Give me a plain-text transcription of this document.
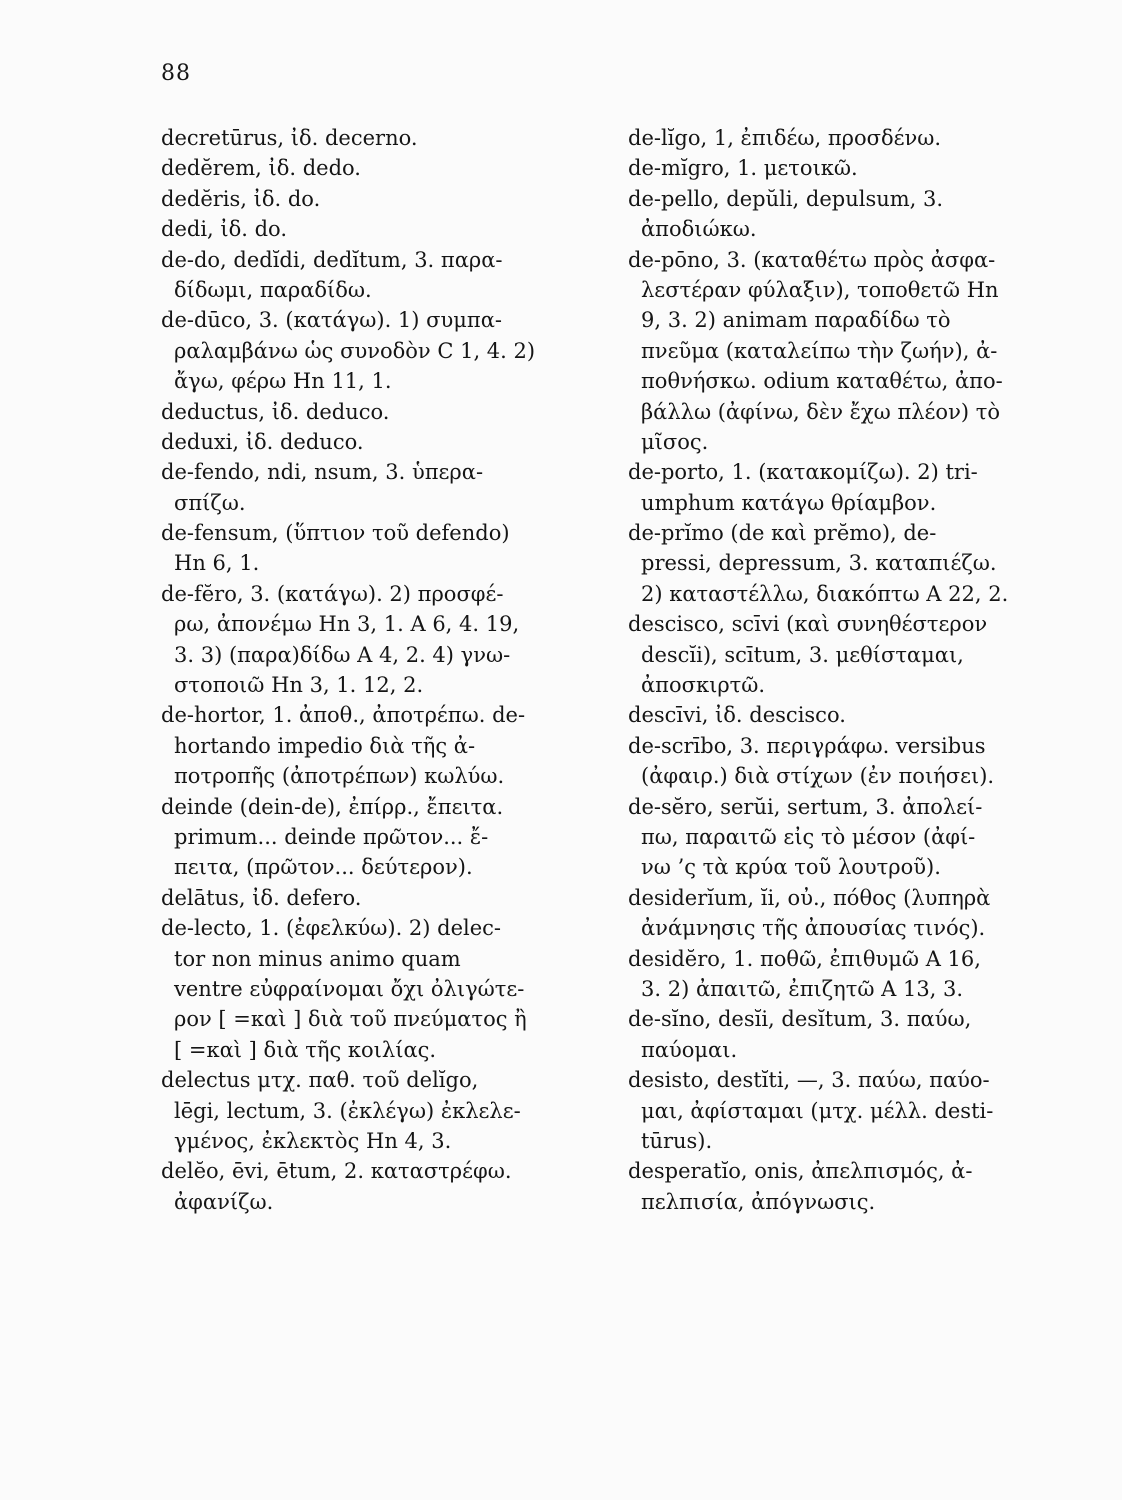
88
decretūrus, ἰδ. decerno.
dedĕrem, ἰδ. dedo.
dedĕris, ἰδ. do.
dedi, ἰδ. do.
de-do, dedĭdi, dedĭtum, 3. παρα-
δίδωμι, παραδίδω.
de-dūco, 3. (κατάγω). 1) συμπα-
ραλαμβάνω ὡς συνοδὸν C 1, 4. 2)
ἄγω, φέρω Hn 11, 1.
deductus, ἰδ. deduco.
deduxi, ἰδ. deduco.
de-fendo, ndi, nsum, 3. ὑπερα-
σπίζω.
de-fensum, (ὕπτιον τοῦ defendo)
Hn 6, 1.
de-fĕro, 3. (κατάγω). 2) προσφέ-
ρω, ἀπονέμω Hn 3, 1. A 6, 4. 19,
3. 3) (παρα)δίδω A 4, 2. 4) γνω-
στοποιῶ Hn 3, 1. 12, 2.
de-hortor, 1. ἀποθ., ἀποτρέπω. de-
hortando impedio διὰ τῆς ἀ-
ποτροπῆς (ἀποτρέπων) κωλύω.
deinde (dein-de), ἐπίρρ., ἔπειτα.
primum... deinde πρῶτον... ἔ-
πειτα, (πρῶτον... δεύτερον).
delātus, ἰδ. defero.
de-lecto, 1. (ἐφελκύω). 2) delec-
tor non minus animo quam
ventre εὐφραίνομαι ὄχι ὀλιγώτε-
ρον [ =καὶ ] διὰ τοῦ πνεύματος ἢ
[ =καὶ ] διὰ τῆς κοιλίας.
delectus μτχ. παθ. τοῦ delĭgo,
lēgi, lectum, 3. (ἐκλέγω) ἐκλελε-
γμένος, ἐκλεκτὸς Hn 4, 3.
delĕo, ēvi, ētum, 2. καταστρέφω.
ἀφανίζω.
de-lĭgo, 1, ἐπιδέω, προσδένω.
de-mĭgro, 1. μετοικῶ.
de-pello, depŭli, depulsum, 3.
ἀποδιώκω.
de-pōno, 3. (καταθέτω πρὸς ἀσφα-
λεστέραν φύλαξιν), τοποθετῶ Hn
9, 3. 2) animam παραδίδω τὸ
πνεῦμα (καταλείπω τὴν ζωήν), ἀ-
ποθνήσκω. odium καταθέτω, ἀπο-
βάλλω (ἀφίνω, δὲν ἔχω πλέον) τὸ
μῖσος.
de-porto, 1. (κατακομίζω). 2) tri-
umphum κατάγω θρίαμβον.
de-prĭmo (de καὶ prĕmo), de-
pressi, depressum, 3. καταπιέζω.
2) καταστέλλω, διακόπτω A 22, 2.
descisco, scīvi (καὶ συνηθέστερον
descĭi), scītum, 3. μεθίσταμαι,
ἀποσκιρτῶ.
descīvi, ἰδ. descisco.
de-scrībo, 3. περιγράφω. versibus
(ἀφαιρ.) διὰ στίχων (ἐν ποιήσει).
de-sĕro, serŭi, sertum, 3. ἀπολεί-
πω, παραιτῶ εἰς τὸ μέσον (ἀφί-
νω ’ς τὰ κρύα τοῦ λουτροῦ).
desiderĭum, ĭi, οὐ., πόθος (λυπηρὰ
ἀνάμνησις τῆς ἀπουσίας τινός).
desidĕro, 1. ποθῶ, ἐπιθυμῶ A 16,
3. 2) ἀπαιτῶ, ἐπιζητῶ A 13, 3.
de-sĭno, desĭi, desĭtum, 3. παύω,
παύομαι.
desisto, destĭti, —, 3. παύω, παύο-
μαι, ἀφίσταμαι (μτχ. μέλλ. desti-
tūrus).
desperatĭo, onis, ἀπελπισμός, ἀ-
πελπισία, ἀπόγνωσις.
